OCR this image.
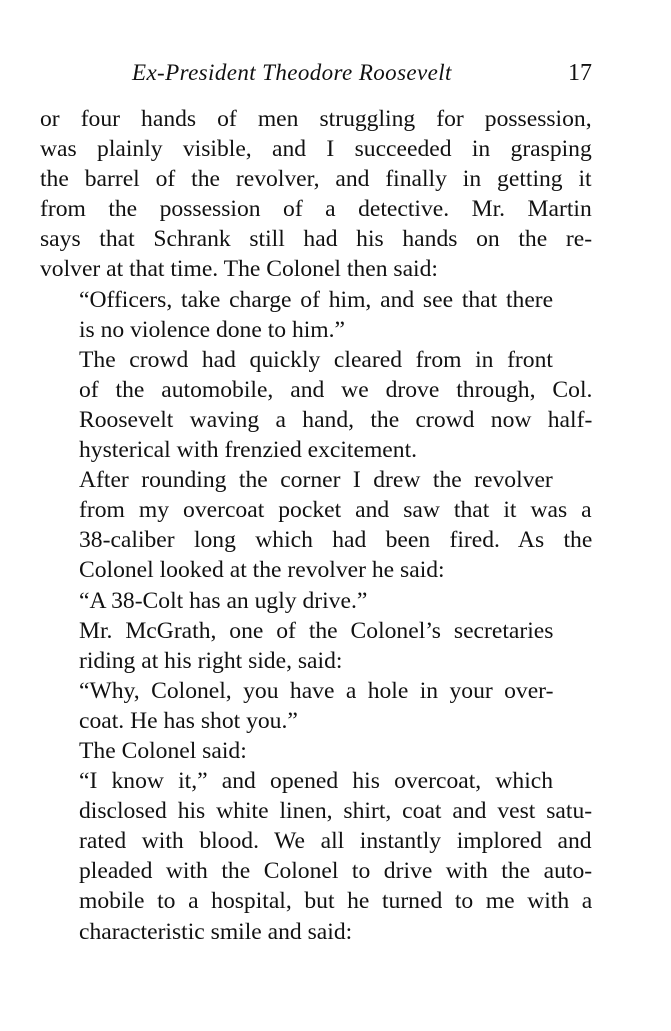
Ex-President Theodore Roosevelt	17

or four hands of men struggling for possession,
was plainly visible, and I succeeded in grasping
the barrel of the revolver, and finally in getting it
from the possession of a detective. Mr. Martin
says that Schrank still had his hands on the re-
volver at that time. The Colonel then said:

“Officers, take charge of him, and see that there
is no violence done to him.”

The crowd had quickly cleared from in front
of the automobile, and we drove through, Col.
Roosevelt waving a hand, the crowd now half-
hysterical with frenzied excitement.

After rounding the corner I drew the revolver
from my overcoat pocket and saw that it was a
38-caliber long which had been fired. As the
Colonel looked at the revolver he said:

“A 38-Colt has an ugly drive.”

Mr. McGrath, one of the Colonel’s secretaries
riding at his right side, said:

“Why, Colonel, you have a hole in your over-
coat. He has shot you.”

The Colonel said:

“I know it,” and opened his overcoat, which
disclosed his white linen, shirt, coat and vest satu-
rated with blood. We all instantly implored and
pleaded with the Colonel to drive with the auto-
mobile to a hospital, but he turned to me with a
characteristic smile and said:
